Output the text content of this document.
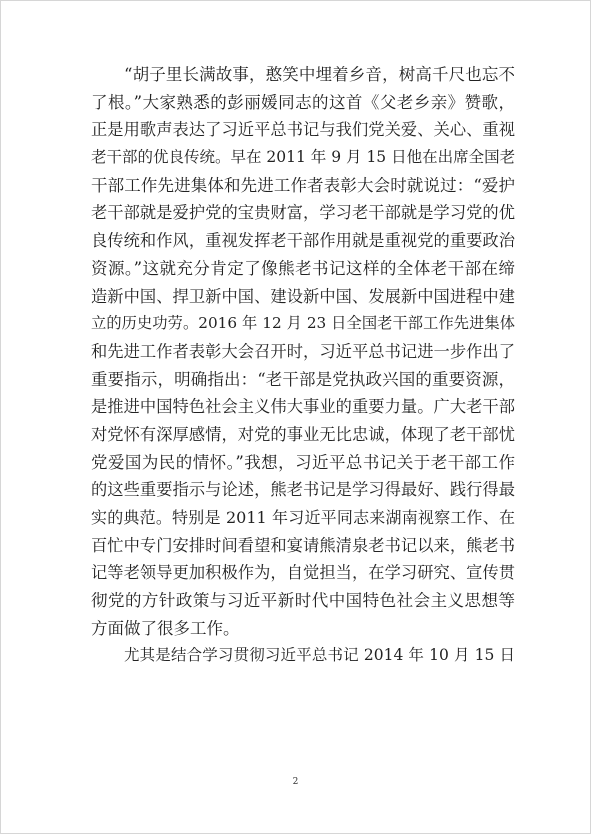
“胡子里长满故事，憨笑中埋着乡音，树高千尺也忘不
了根。”大家熟悉的彭丽媛同志的这首《父老乡亲》赞歌，
正是用歌声表达了习近平总书记与我们党关爱、关心、重视
老干部的优良传统。早在 2011 年 9 月 15 日他在出席全国老
干部工作先进集体和先进工作者表彰大会时就说过：“爱护
老干部就是爱护党的宝贵财富，学习老干部就是学习党的优
良传统和作风，重视发挥老干部作用就是重视党的重要政治
资源。”这就充分肯定了像熊老书记这样的全体老干部在缔
造新中国、捍卫新中国、建设新中国、发展新中国进程中建
立的历史功劳。2016 年 12 月 23 日全国老干部工作先进集体
和先进工作者表彰大会召开时，习近平总书记进一步作出了
重要指示，明确指出：“老干部是党执政兴国的重要资源，
是推进中国特色社会主义伟大事业的重要力量。广大老干部
对党怀有深厚感情，对党的事业无比忠诚，体现了老干部忧
党爱国为民的情怀。”我想，习近平总书记关于老干部工作
的这些重要指示与论述，熊老书记是学习得最好、践行得最
实的典范。特别是 2011 年习近平同志来湖南视察工作、在
百忙中专门安排时间看望和宴请熊清泉老书记以来，熊老书
记等老领导更加积极作为，自觉担当，在学习研究、宣传贯
彻党的方针政策与习近平新时代中国特色社会主义思想等
方面做了很多工作。
尤其是结合学习贯彻习近平总书记 2014 年 10 月 15 日
2
